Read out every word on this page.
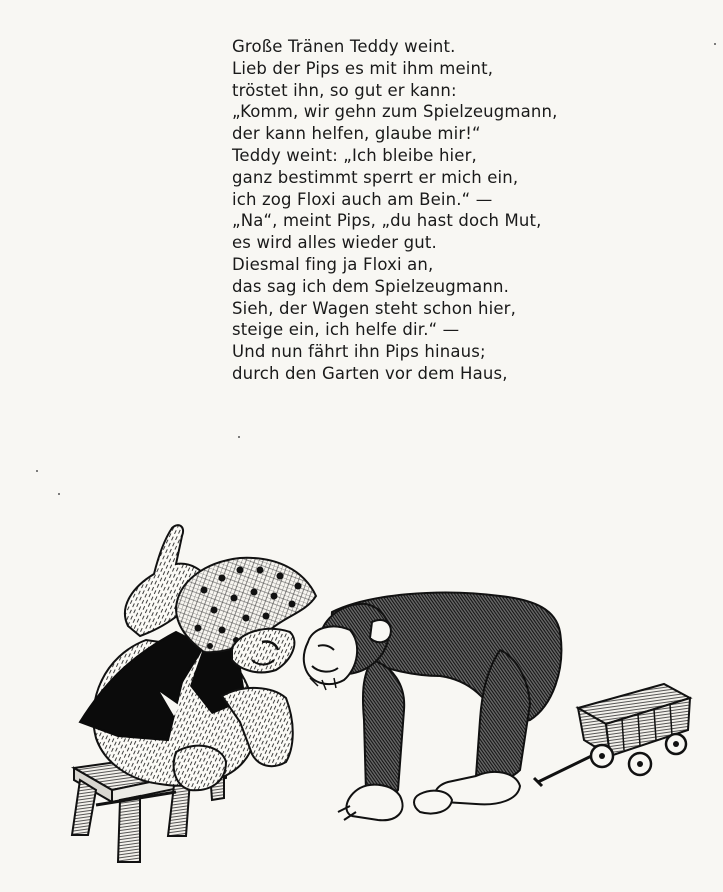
Große Tränen Teddy weint.
Lieb der Pips es mit ihm meint,
tröstet ihn, so gut er kann:
„Komm, wir gehn zum Spielzeugmann,
der kann helfen, glaube mir!“
Teddy weint: „Ich bleibe hier,
ganz bestimmt sperrt er mich ein,
ich zog Floxi auch am Bein.“ —
„Na“, meint Pips, „du hast doch Mut,
es wird alles wieder gut.
Diesmal fing ja Floxi an,
das sag ich dem Spielzeugmann.
Sieh, der Wagen steht schon hier,
steige ein, ich helfe dir.“ —
Und nun fährt ihn Pips hinaus;
durch den Garten vor dem Haus,
